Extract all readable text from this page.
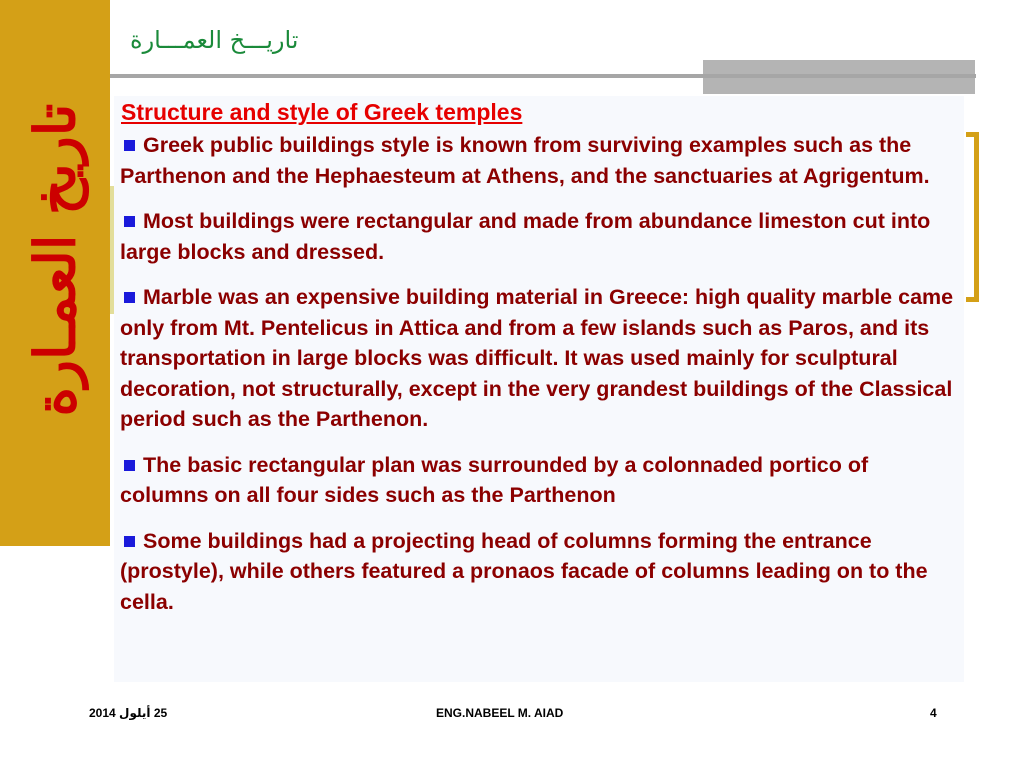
تاريخ العمـارة
تاريـــخ العمـــارة
Structure and style of Greek temples
Greek public buildings style is known from surviving examples such as the Parthenon and the Hephaesteum at Athens, and the sanctuaries at Agrigentum.
Most buildings were rectangular and made from abundance limeston cut into large blocks and dressed.
Marble was an expensive building material in Greece: high quality marble came only from Mt. Pentelicus in Attica and from a few islands such as Paros, and its transportation in large blocks was difficult. It was used mainly for sculptural decoration, not structurally, except in the very grandest buildings of the Classical period such as the Parthenon.
The basic rectangular plan was surrounded by a colonnaded portico of columns on all four sides such as the Parthenon
Some buildings had a projecting head of columns forming the entrance (prostyle), while others featured a pronaos facade of columns leading on to the cella.
25 أيلول 2014	ENG.NABEEL M. AIAD	4
